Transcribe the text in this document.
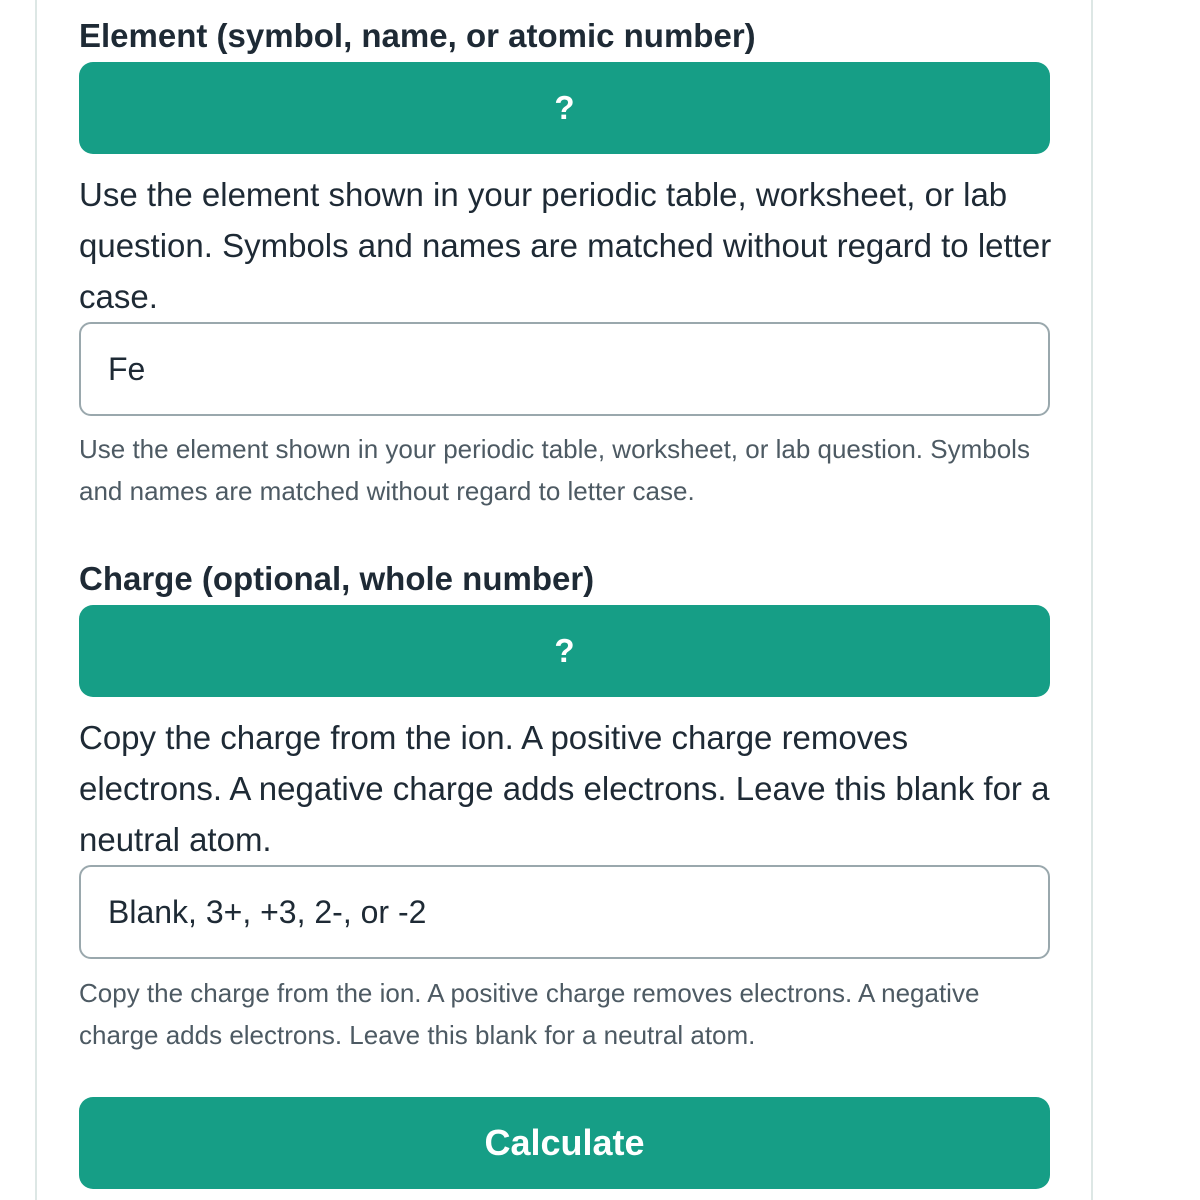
Element (symbol, name, or atomic number)
?

Use the element shown in your periodic table, worksheet, or lab question. Symbols and names are matched without regard to letter case.

Fe

Use the element shown in your periodic table, worksheet, or lab question. Symbols and names are matched without regard to letter case.

Charge (optional, whole number)
?

Copy the charge from the ion. A positive charge removes electrons. A negative charge adds electrons. Leave this blank for a neutral atom.

Blank, 3+, +3, 2-, or -2

Copy the charge from the ion. A positive charge removes electrons. A negative charge adds electrons. Leave this blank for a neutral atom.

Calculate
